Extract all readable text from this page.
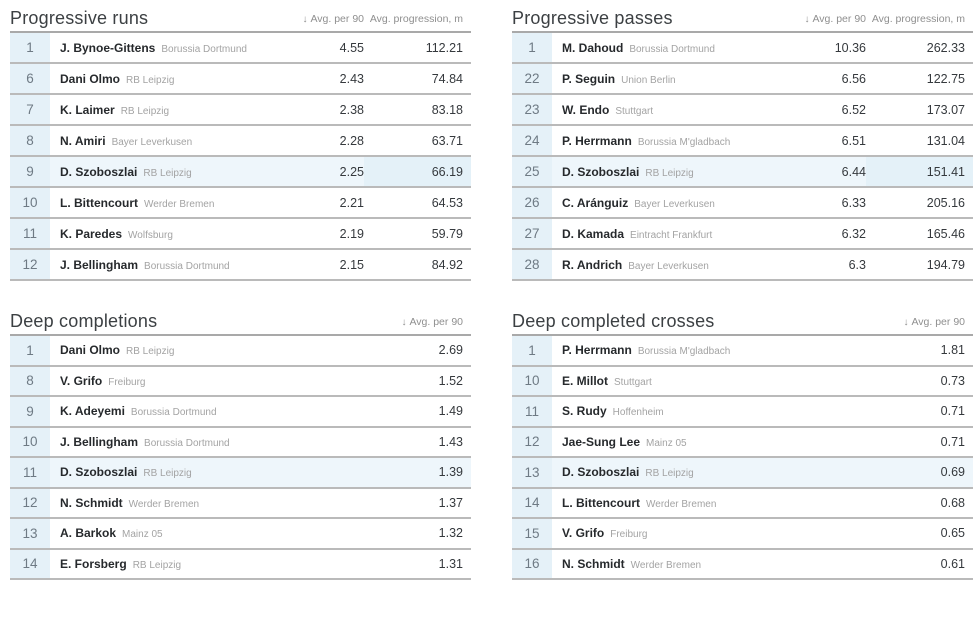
Progressive runs	↓ Avg. per 90 Avg. progression, m
1	J. Bynoe-Gittens Borussia Dortmund	4.55	112.21
6	Dani Olmo RB Leipzig	2.43	74.84
7	K. Laimer RB Leipzig	2.38	83.18
8	N. Amiri Bayer Leverkusen	2.28	63.71
9	D. Szoboszlai RB Leipzig	2.25	66.19
10	L. Bittencourt Werder Bremen	2.21	64.53
11	K. Paredes Wolfsburg	2.19	59.79
12	J. Bellingham Borussia Dortmund	2.15	84.92
Progressive passes	↓ Avg. per 90 Avg. progression, m
1	M. Dahoud Borussia Dortmund	10.36	262.33
22	P. Seguin Union Berlin	6.56	122.75
23	W. Endo Stuttgart	6.52	173.07
24	P. Herrmann Borussia M'gladbach	6.51	131.04
25	D. Szoboszlai RB Leipzig	6.44	151.41
26	C. Aránguiz Bayer Leverkusen	6.33	205.16
27	D. Kamada Eintracht Frankfurt	6.32	165.46
28	R. Andrich Bayer Leverkusen	6.3	194.79
Deep completions	↓ Avg. per 90
1	Dani Olmo RB Leipzig	2.69
8	V. Grifo Freiburg	1.52
9	K. Adeyemi Borussia Dortmund	1.49
10	J. Bellingham Borussia Dortmund	1.43
11	D. Szoboszlai RB Leipzig	1.39
12	N. Schmidt Werder Bremen	1.37
13	A. Barkok Mainz 05	1.32
14	E. Forsberg RB Leipzig	1.31
Deep completed crosses	↓ Avg. per 90
1	P. Herrmann Borussia M'gladbach	1.81
10	E. Millot Stuttgart	0.73
11	S. Rudy Hoffenheim	0.71
12	Jae-Sung Lee Mainz 05	0.71
13	D. Szoboszlai RB Leipzig	0.69
14	L. Bittencourt Werder Bremen	0.68
15	V. Grifo Freiburg	0.65
16	N. Schmidt Werder Bremen	0.61
